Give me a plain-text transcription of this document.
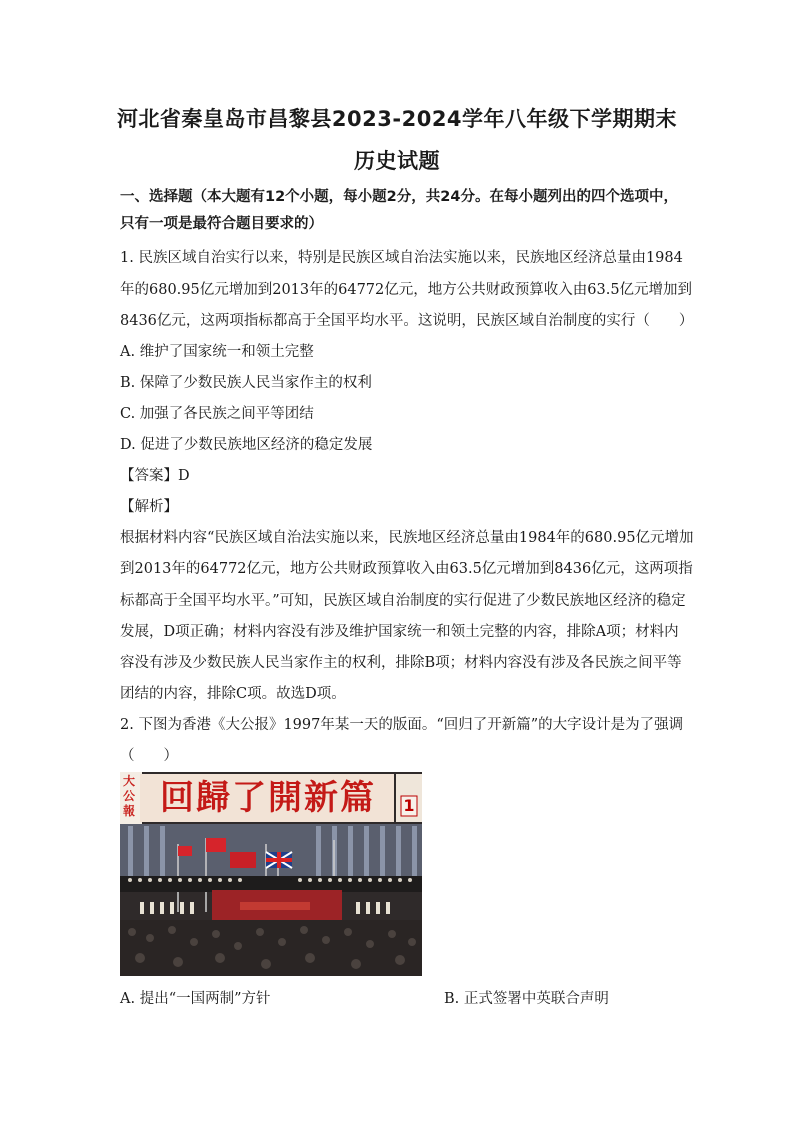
河北省秦皇岛市昌黎县2023-2024学年八年级下学期期末
历史试题
一、选择题（本大题有12个小题，每小题2分，共24分。在每小题列出的四个选项中，
只有一项是最符合题目要求的）
1. 民族区域自治实行以来，特别是民族区域自治法实施以来，民族地区经济总量由1984
年的680.95亿元增加到2013年的64772亿元，地方公共财政预算收入由63.5亿元增加到
8436亿元，这两项指标都高于全国平均水平。这说明，民族区域自治制度的实行（　　）
A. 维护了国家统一和领土完整
B. 保障了少数民族人民当家作主的权利
C. 加强了各民族之间平等团结
D. 促进了少数民族地区经济的稳定发展
【答案】D
【解析】
根据材料内容“民族区域自治法实施以来，民族地区经济总量由1984年的680.95亿元增加
到2013年的64772亿元，地方公共财政预算收入由63.5亿元增加到8436亿元，这两项指
标都高于全国平均水平。”可知，民族区域自治制度的实行促进了少数民族地区经济的稳定
发展，D项正确；材料内容没有涉及维护国家统一和领土完整的内容，排除A项；材料内
容没有涉及少数民族人民当家作主的权利，排除B项；材料内容没有涉及各民族之间平等
团结的内容，排除C项。故选D项。
2. 下图为香港《大公报》1997年某一天的版面。“回归了开新篇”的大字设计是为了强调
（　　）
大公報 回歸了開新篇	1
A. 提出“一国两制”方针	B. 正式签署中英联合声明
